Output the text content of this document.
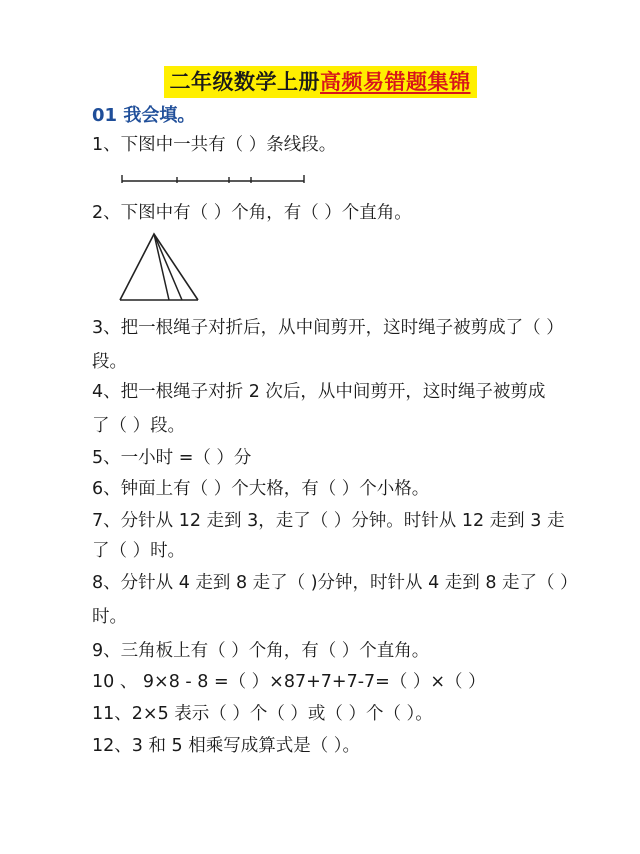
二年级数学上册高频易错题集锦
01 我会填。
1、下图中一共有（ ）条线段。
2、下图中有（ ）个角，有（ ）个直角。
3、把一根绳子对折后，从中间剪开，这时绳子被剪成了（ ）
段。
4、把一根绳子对折 2 次后，从中间剪开，这时绳子被剪成
了（ ）段。
5、一小时 =（ ）分
6、钟面上有（ ）个大格，有（ ）个小格。
7、分针从 12 走到 3，走了（ ）分钟。时针从 12 走到 3 走
了（ ）时。
8、分针从 4 走到 8 走了（ )分钟，时针从 4 走到 8 走了（ ）
时。
9、三角板上有（ ）个角，有（ ）个直角。
10 、 9×8 - 8 =（ ）×87+7+7-7=（ ）×（ ）
11、2×5 表示（ ）个（ ）或（ ）个（ ）。
12、3 和 5 相乘写成算式是（ ）。
